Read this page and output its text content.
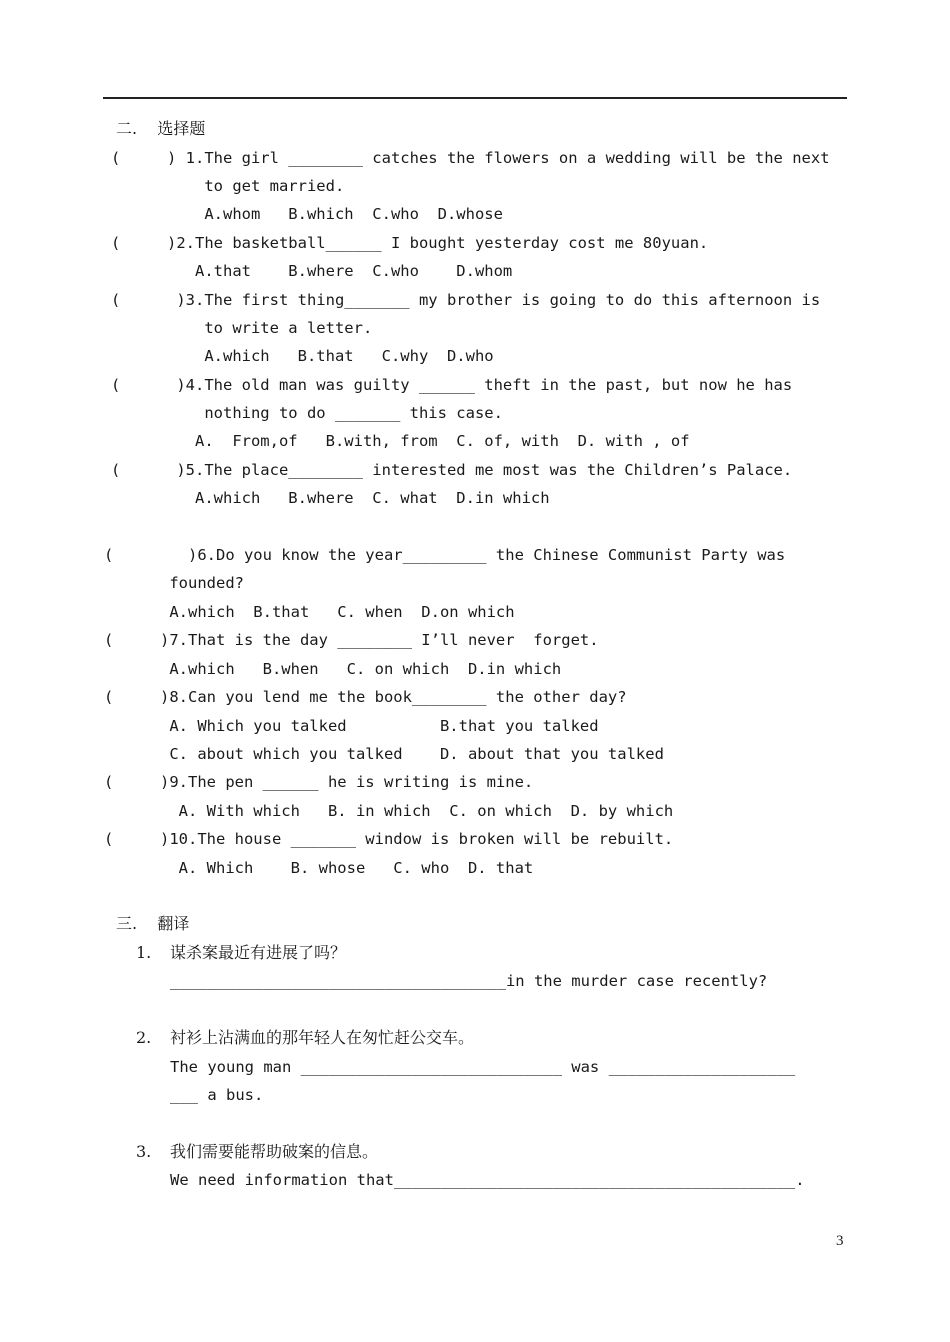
二.    选择题
(     ) 1.The girl ________ catches the flowers on a wedding will be the next
to get married.
A.whom   B.which  C.who  D.whose
(     )2.The basketball______ I bought yesterday cost me 80yuan.
A.that    B.where  C.who    D.whom
(      )3.The first thing_______ my brother is going to do this afternoon is
to write a letter.
A.which   B.that   C.why  D.who
(      )4.The old man was guilty ______ theft in the past, but now he has
nothing to do _______ this case.
A.  From,of   B.with, from  C. of, with  D. with , of
(      )5.The place________ interested me most was the Children’s Palace.
A.which   B.where  C. what  D.in which
(        )6.Do you know the year_________ the Chinese Communist Party was
founded?
A.which  B.that   C. when  D.on which
(     )7.That is the day ________ I’ll never  forget.
A.which   B.when   C. on which  D.in which
(     )8.Can you lend me the book________ the other day?
A. Which you talked          B.that you talked
C. about which you talked    D. about that you talked
(     )9.The pen ______ he is writing is mine.
A. With which   B. in which  C. on which  D. by which
(     )10.The house _______ window is broken will be rebuilt.
A. Which    B. whose   C. who  D. that
三.    翻译
1. 谋杀案最近有进展了吗？
____________________________________in the murder case recently?
2. 衬衫上沾满血的那年轻人在匆忙赶公交车。
The young man ____________________________ was ____________________
___ a bus.
3. 我们需要能帮助破案的信息。
We need information that___________________________________________.
3
